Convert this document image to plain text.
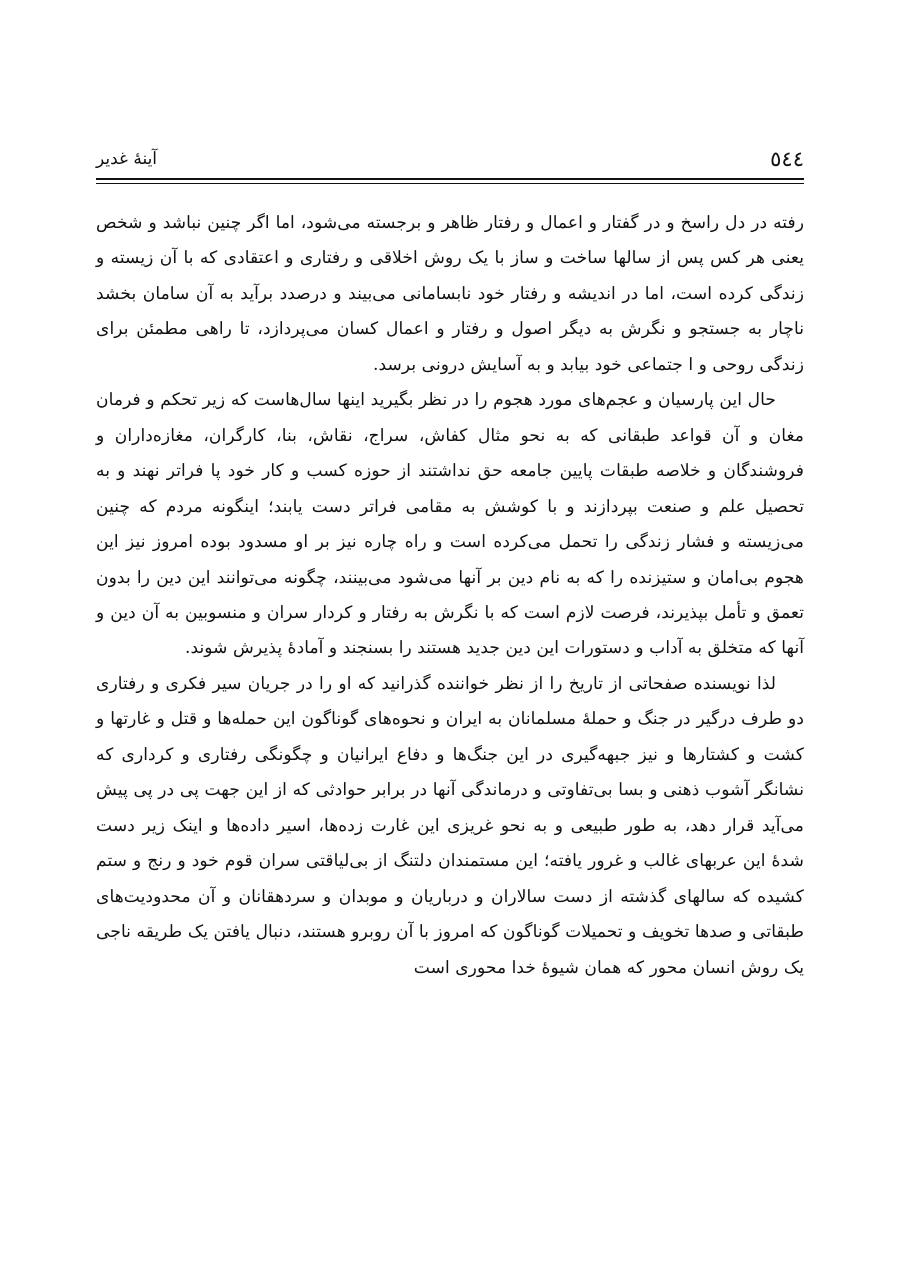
٥٤٤
آینهٔ غدیر

رفته در دل راسخ و در گفتار و اعمال و رفتار ظاهر و برجسته می‌شود، اما اگر چنین نباشد و شخص یعنی هر کس پس از سالها ساخت و ساز با یک روش اخلاقی و رفتاری و اعتقادی که با آن زیسته و زندگی کرده است، اما در اندیشه و رفتار خود نابسامانی می‌بیند و درصدد برآید به آن سامان بخشد ناچار به جستجو و نگرش به دیگر اصول و رفتار و اعمال کسان می‌پردازد، تا راهی مطمئن برای زندگی روحی و ا جتماعی خود بیابد و به آسایش درونی برسد.

حال این پارسیان و عجم‌های مورد هجوم را در نظر بگیرید اینها سال‌هاست که زیر تحکم و فرمان مغان و آن قواعد طبقانی که به نحو مثال کفاش، سراج، نقاش، بنا، کارگران، مغازه‌داران و فروشندگان و خلاصه طبقات پایین جامعه حق نداشتند از حوزه کسب و کار خود پا فراتر نهند و به تحصیل علم و صنعت بپردازند و با کوشش به مقامی فراتر دست یابند؛ اینگونه مردم که چنین می‌زیسته و فشار زندگی را تحمل می‌کرده است و راه چاره نیز بر او مسدود بوده امروز نیز این هجوم بی‌امان و ستیزنده را که به نام دین بر آنها می‌شود می‌بینند، چگونه می‌توانند این دین را بدون تعمق و تأمل بپذیرند، فرصت لازم است که با نگرش به رفتار و کردار سران و منسوبین به آن دین و آنها که متخلق به آداب و دستورات این دین جدید هستند را بسنجند و آمادهٔ پذیرش شوند.

لذا نویسنده صفحاتی از تاریخ را از نظر خواننده گذرانید که او را در جریان سیر فکری و رفتاری دو طرف درگیر در جنگ و حملهٔ مسلمانان به ایران و نحوه‌های گوناگون این حمله‌ها و قتل و غارتها و کشت و کشتارها و نیز جبهه‌گیری در این جنگ‌ها و دفاع ایرانیان و چگونگی رفتاری و کرداری که نشانگر آشوب ذهنی و بسا بی‌تفاوتی و درماندگی آنها در برابر حوادثی که از این جهت پی در پی پیش می‌آید قرار دهد، به طور طبیعی و به نحو غریزی این غارت زده‌ها، اسیر داده‌ها و اینک زیر دست شدهٔ این عربهای غالب و غرور یافته؛ این مستمندان دلتنگ از بی‌لیاقتی سران قوم خود و رنج و ستم کشیده که سالهای گذشته از دست سالاران و درباریان و موبدان و سردهقانان و آن محدودیت‌های طبقاتی و صدها تخویف و تحمیلات گوناگون که امروز با آن روبرو هستند، دنبال یافتن یک طریقه ناجی یک روش انسان محور که همان شیوهٔ خدا محوری است
